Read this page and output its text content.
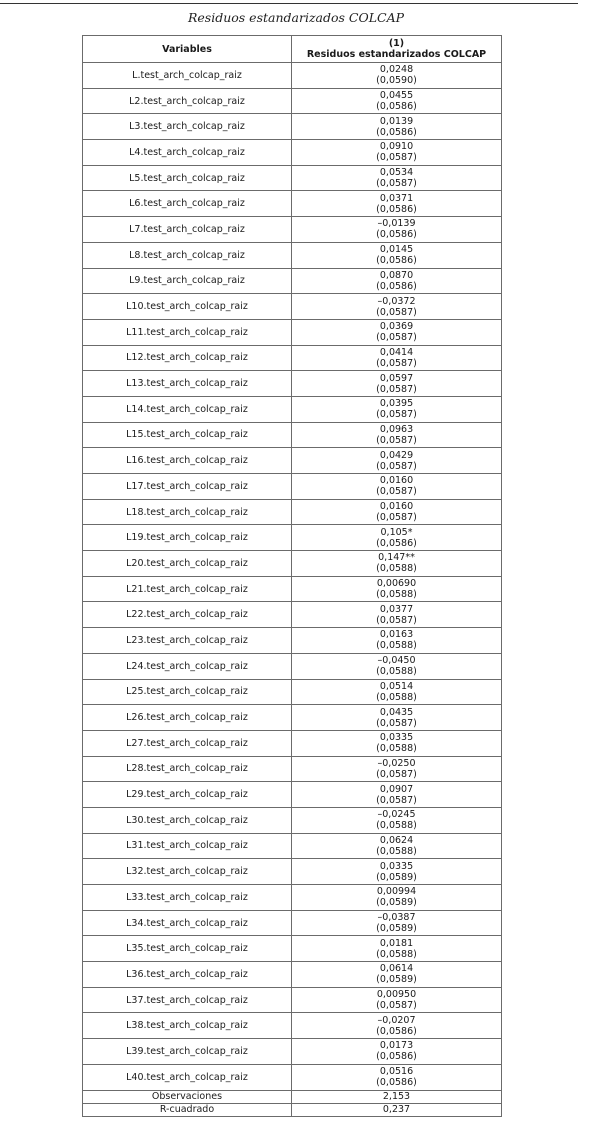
Residuos estandarizados COLCAP
Variables	(1)
Residuos estandarizados COLCAP

L.test_arch_colcap_raiz	0,0248
(0,0590)

L2.test_arch_colcap_raiz	0,0455
(0,0586)

L3.test_arch_colcap_raiz	0,0139
(0,0586)

L4.test_arch_colcap_raiz	0,0910
(0,0587)

L5.test_arch_colcap_raiz	0,0534
(0,0587)

L6.test_arch_colcap_raiz	0,0371
(0,0586)

L7.test_arch_colcap_raiz	–0,0139
(0,0586)

L8.test_arch_colcap_raiz	0,0145
(0,0586)

L9.test_arch_colcap_raiz	0,0870
(0,0586)

L10.test_arch_colcap_raiz	–0,0372
(0,0587)

L11.test_arch_colcap_raiz	0,0369
(0,0587)

L12.test_arch_colcap_raiz	0,0414
(0,0587)

L13.test_arch_colcap_raiz	0,0597
(0,0587)

L14.test_arch_colcap_raiz	0,0395
(0,0587)

L15.test_arch_colcap_raiz	0,0963
(0,0587)

L16.test_arch_colcap_raiz	0,0429
(0,0587)

L17.test_arch_colcap_raiz	0,0160
(0,0587)

L18.test_arch_colcap_raiz	0,0160
(0,0587)

L19.test_arch_colcap_raiz	0,105*
(0,0586)

L20.test_arch_colcap_raiz	0,147**
(0,0588)

L21.test_arch_colcap_raiz	0,00690
(0,0588)

L22.test_arch_colcap_raiz	0,0377
(0,0587)

L23.test_arch_colcap_raiz	0,0163
(0,0588)

L24.test_arch_colcap_raiz	–0,0450
(0,0588)

L25.test_arch_colcap_raiz	0,0514
(0,0588)

L26.test_arch_colcap_raiz	0,0435
(0,0587)

L27.test_arch_colcap_raiz	0,0335
(0,0588)

L28.test_arch_colcap_raiz	–0,0250
(0,0587)

L29.test_arch_colcap_raiz	0,0907
(0,0587)

L30.test_arch_colcap_raiz	–0,0245
(0,0588)

L31.test_arch_colcap_raiz	0,0624
(0,0588)

L32.test_arch_colcap_raiz	0,0335
(0,0589)

L33.test_arch_colcap_raiz	0,00994
(0,0589)

L34.test_arch_colcap_raiz	–0,0387
(0,0589)

L35.test_arch_colcap_raiz	0,0181
(0,0588)

L36.test_arch_colcap_raiz	0,0614
(0,0589)

L37.test_arch_colcap_raiz	0,00950
(0,0587)

L38.test_arch_colcap_raiz	–0,0207
(0,0586)

L39.test_arch_colcap_raiz	0,0173
(0,0586)

L40.test_arch_colcap_raiz	0,0516
(0,0586)

Observaciones	2,153
R-cuadrado	0,237
